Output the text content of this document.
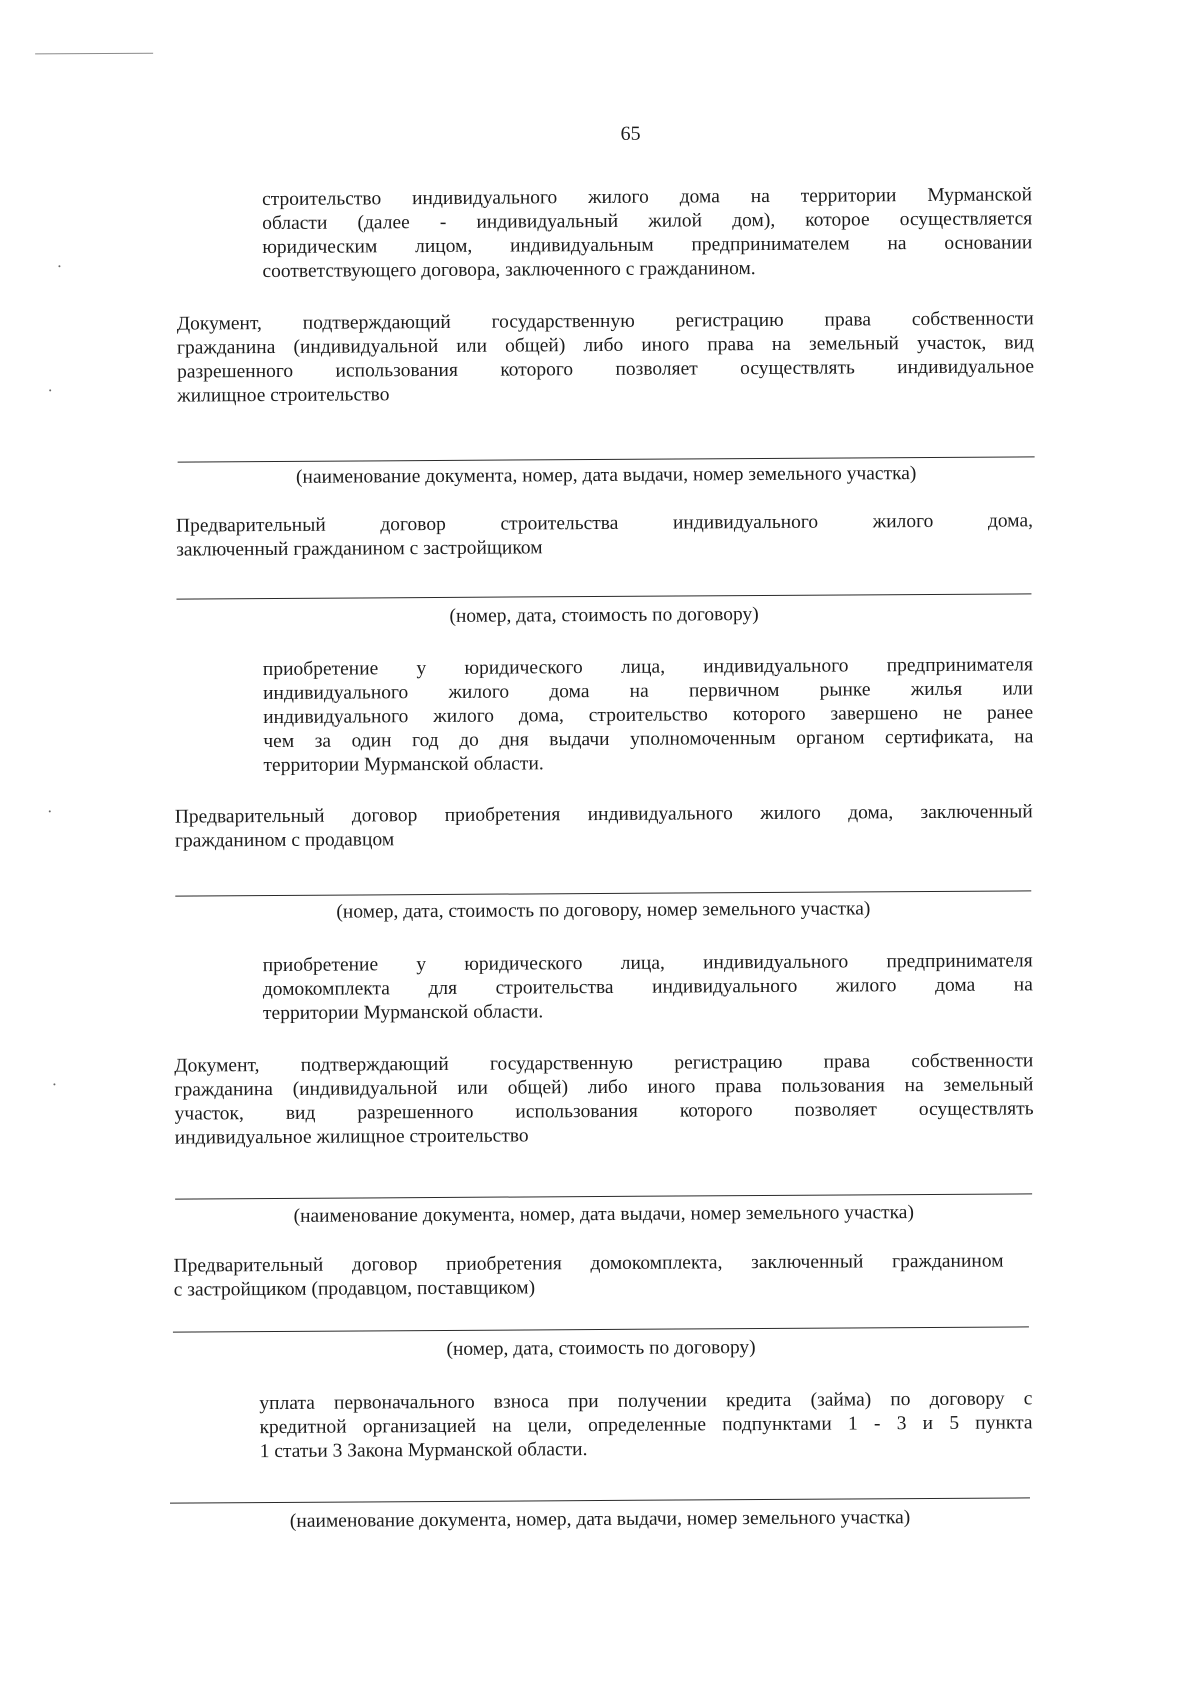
65
строительство индивидуального жилого дома на территории Мурманской
области (далее - индивидуальный жилой дом), которое осуществляется
юридическим лицом, индивидуальным предпринимателем на основании
соответствующего договора, заключенного с гражданином.
Документ, подтверждающий государственную регистрацию права собственности
гражданина (индивидуальной или общей) либо иного права на земельный участок, вид
разрешенного использования которого позволяет осуществлять индивидуальное
жилищное строительство
(наименование документа, номер, дата выдачи, номер земельного участка)
Предварительный договор строительства индивидуального жилого дома,
заключенный гражданином с застройщиком
(номер, дата, стоимость по договору)
приобретение у юридического лица, индивидуального предпринимателя
индивидуального жилого дома на первичном рынке жилья или
индивидуального жилого дома, строительство которого завершено не ранее
чем за один год до дня выдачи уполномоченным органом сертификата, на
территории Мурманской области.
Предварительный договор приобретения индивидуального жилого дома, заключенный
гражданином с продавцом
(номер, дата, стоимость по договору, номер земельного участка)
приобретение у юридического лица, индивидуального предпринимателя
домокомплекта для строительства индивидуального жилого дома на
территории Мурманской области.
Документ, подтверждающий государственную регистрацию права собственности
гражданина (индивидуальной или общей) либо иного права пользования на земельный
участок, вид разрешенного использования которого позволяет осуществлять
индивидуальное жилищное строительство
(наименование документа, номер, дата выдачи, номер земельного участка)
Предварительный договор приобретения домокомплекта, заключенный гражданином
с застройщиком (продавцом, поставщиком)
(номер, дата, стоимость по договору)
уплата первоначального взноса при получении кредита (займа) по договору с
кредитной организацией на цели, определенные подпунктами 1 - 3 и 5 пункта
1 статьи 3 Закона Мурманской области.
(наименование документа, номер, дата выдачи, номер земельного участка)
